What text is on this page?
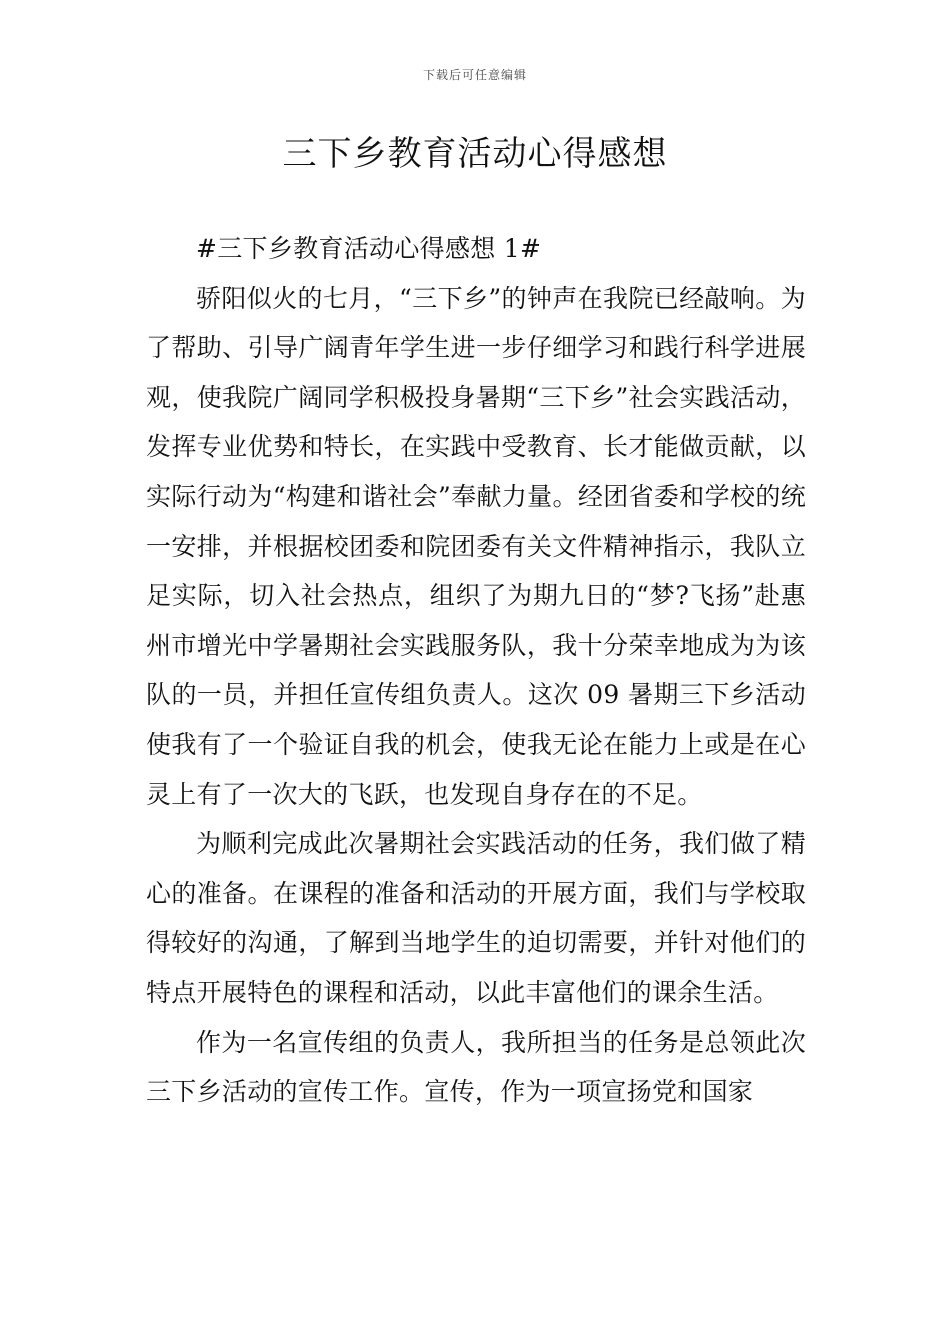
下载后可任意编辑
三下乡教育活动心得感想

#三下乡教育活动心得感想 1#

骄阳似火的七月，“三下乡”的钟声在我院已经敲响。为了帮助、引导广阔青年学生进一步仔细学习和践行科学进展观，使我院广阔同学积极投身暑期“三下乡”社会实践活动，发挥专业优势和特长，在实践中受教育、长才能做贡献，以实际行动为“构建和谐社会”奉献力量。经团省委和学校的统一安排，并根据校团委和院团委有关文件精神指示，我队立足实际，切入社会热点，组织了为期九日的“梦?飞扬”赴惠州市增光中学暑期社会实践服务队，我十分荣幸地成为为该队的一员，并担任宣传组负责人。这次 09 暑期三下乡活动使我有了一个验证自我的机会，使我无论在能力上或是在心灵上有了一次大的飞跃，也发现自身存在的不足。

为顺利完成此次暑期社会实践活动的任务，我们做了精心的准备。在课程的准备和活动的开展方面，我们与学校取得较好的沟通，了解到当地学生的迫切需要，并针对他们的特点开展特色的课程和活动，以此丰富他们的课余生活。

作为一名宣传组的负责人，我所担当的任务是总领此次三下乡活动的宣传工作。宣传，作为一项宣扬党和国家
